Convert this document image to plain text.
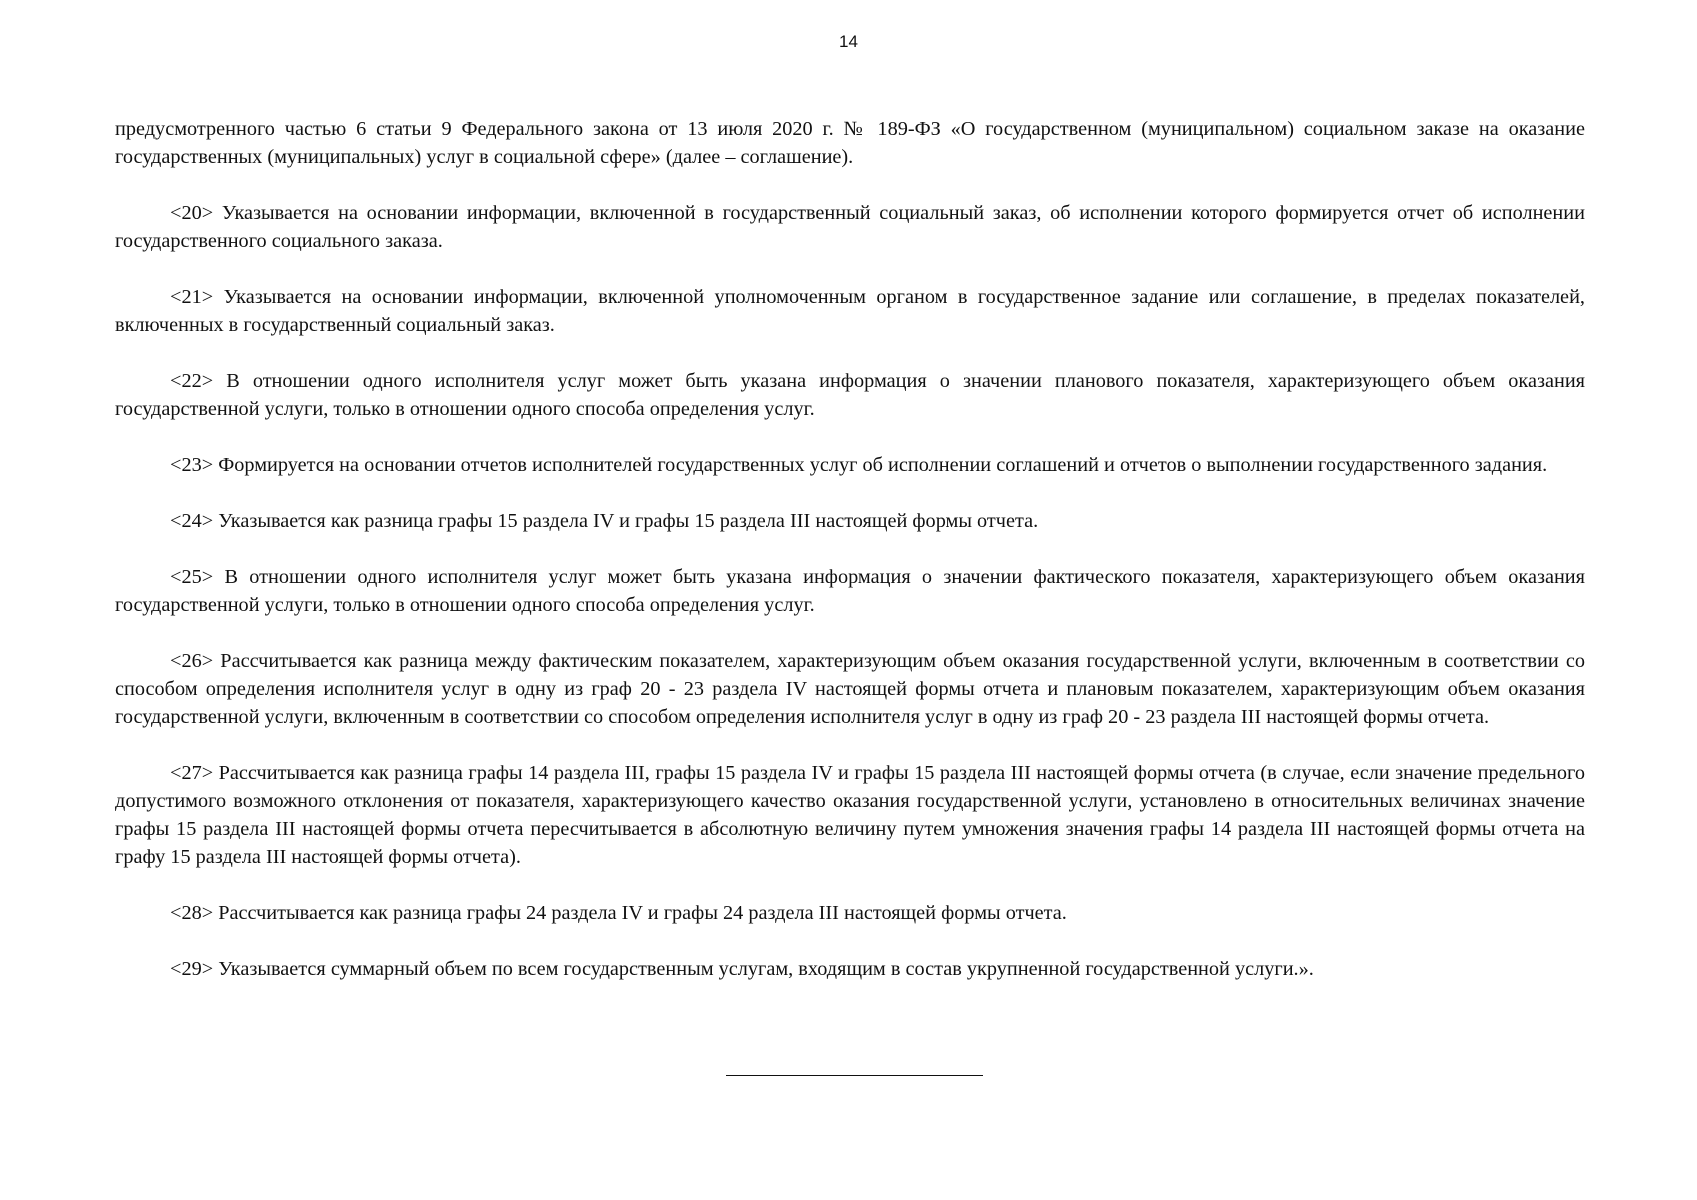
14

предусмотренного частью 6 статьи 9 Федерального закона от 13 июля 2020 г. № 189-ФЗ «О государственном (муниципальном) социальном заказе на оказание государственных (муниципальных) услуг в социальной сфере» (далее – соглашение).

<20> Указывается на основании информации, включенной в государственный социальный заказ, об исполнении которого формируется отчет об исполнении государственного социального заказа.

<21> Указывается на основании информации, включенной уполномоченным органом в государственное задание или соглашение, в пределах показателей, включенных в государственный социальный заказ.

<22> В отношении одного исполнителя услуг может быть указана информация о значении планового показателя, характеризующего объем оказания государственной услуги, только в отношении одного способа определения услуг.

<23> Формируется на основании отчетов исполнителей государственных услуг об исполнении соглашений и отчетов о выполнении государственного задания.

<24> Указывается как разница графы 15 раздела IV и графы 15 раздела III настоящей формы отчета.

<25> В отношении одного исполнителя услуг может быть указана информация о значении фактического показателя, характеризующего объем оказания государственной услуги, только в отношении одного способа определения услуг.

<26> Рассчитывается как разница между фактическим показателем, характеризующим объем оказания государственной услуги, включенным в соответствии со способом определения исполнителя услуг в одну из граф 20 - 23 раздела IV настоящей формы отчета и плановым показателем, характеризующим объем оказания государственной услуги, включенным в соответствии со способом определения исполнителя услуг в одну из граф 20 - 23 раздела III настоящей формы отчета.

<27> Рассчитывается как разница графы 14 раздела III, графы 15 раздела IV и графы 15 раздела III настоящей формы отчета (в случае, если значение предельного допустимого возможного отклонения от показателя, характеризующего качество оказания государственной услуги, установлено в относительных величинах значение графы 15 раздела III настоящей формы отчета пересчитывается в абсолютную величину путем умножения значения графы 14 раздела III настоящей формы отчета на графу 15 раздела III настоящей формы отчета).

<28> Рассчитывается как разница графы 24 раздела IV и графы 24 раздела III настоящей формы отчета.

<29> Указывается суммарный объем по всем государственным услугам, входящим в состав укрупненной государственной услуги.».
